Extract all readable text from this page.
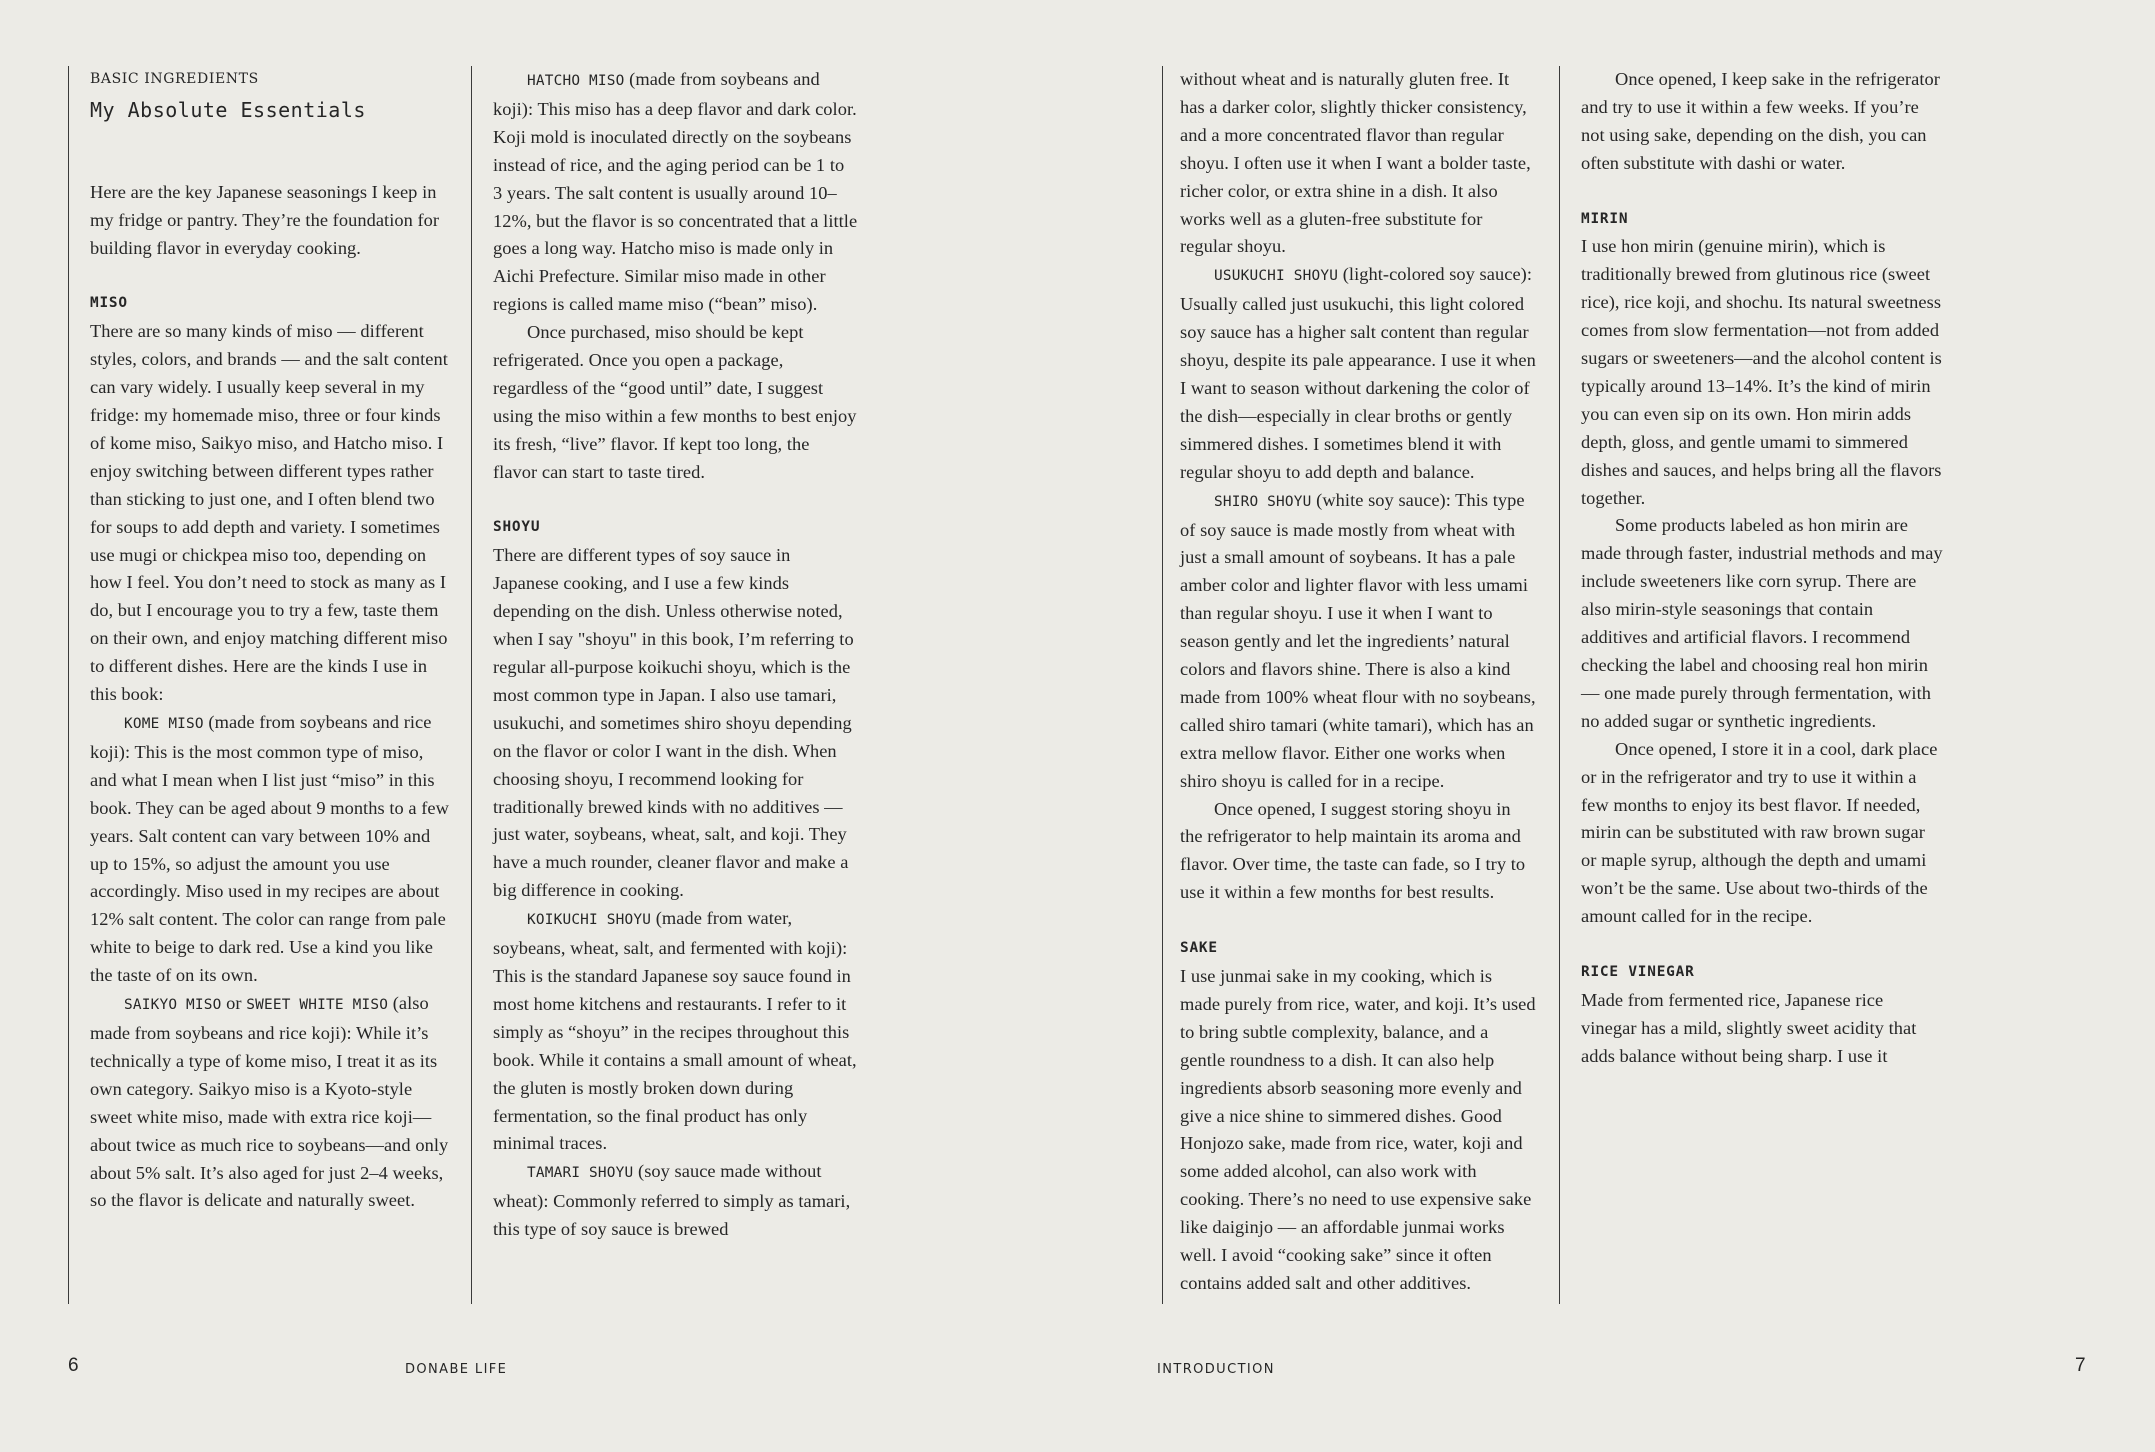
BASIC INGREDIENTS
My Absolute Essentials

Here are the key Japanese seasonings I keep in my fridge or pantry. They’re the foundation for building flavor in everyday cooking.

MISO

There are so many kinds of miso — different styles, colors, and brands — and the salt content can vary widely. I usually keep several in my fridge: my homemade miso, three or four kinds of kome miso, Saikyo miso, and Hatcho miso. I enjoy switching between different types rather than sticking to just one, and I often blend two for soups to add depth and variety. I sometimes use mugi or chickpea miso too, depending on how I feel. You don’t need to stock as many as I do, but I encourage you to try a few, taste them on their own, and enjoy matching different miso to different dishes. Here are the kinds I use in this book:

KOME MISO (made from soybeans and rice koji): This is the most common type of miso, and what I mean when I list just “miso” in this book. They can be aged about 9 months to a few years. Salt content can vary between 10% and up to 15%, so adjust the amount you use accordingly. Miso used in my recipes are about 12% salt content. The color can range from pale white to beige to dark red. Use a kind you like the taste of on its own.

SAIKYO MISO or SWEET WHITE MISO (also made from soybeans and rice koji): While it’s technically a type of kome miso, I treat it as its own category. Saikyo miso is a Kyoto-style sweet white miso, made with extra rice koji—about twice as much rice to soybeans—and only about 5% salt. It’s also aged for just 2–4 weeks, so the flavor is delicate and naturally sweet.

HATCHO MISO (made from soybeans and koji): This miso has a deep flavor and dark color. Koji mold is inoculated directly on the soybeans instead of rice, and the aging period can be 1 to 3 years. The salt content is usually around 10–12%, but the flavor is so concentrated that a little goes a long way. Hatcho miso is made only in Aichi Prefecture. Similar miso made in other regions is called mame miso (“bean” miso).

Once purchased, miso should be kept refrigerated. Once you open a package, regardless of the “good until” date, I suggest using the miso within a few months to best enjoy its fresh, “live” flavor. If kept too long, the flavor can start to taste tired.

SHOYU

There are different types of soy sauce in Japanese cooking, and I use a few kinds depending on the dish. Unless otherwise noted, when I say "shoyu" in this book, I’m referring to regular all-purpose koikuchi shoyu, which is the most common type in Japan. I also use tamari, usukuchi, and sometimes shiro shoyu depending on the flavor or color I want in the dish. When choosing shoyu, I recommend looking for traditionally brewed kinds with no additives — just water, soybeans, wheat, salt, and koji. They have a much rounder, cleaner flavor and make a big difference in cooking.

KOIKUCHI SHOYU (made from water, soybeans, wheat, salt, and fermented with koji): This is the standard Japanese soy sauce found in most home kitchens and restaurants. I refer to it simply as “shoyu” in the recipes throughout this book. While it contains a small amount of wheat, the gluten is mostly broken down during fermentation, so the final product has only minimal traces.

TAMARI SHOYU (soy sauce made without wheat): Commonly referred to simply as tamari, this type of soy sauce is brewed

without wheat and is naturally gluten free. It has a darker color, slightly thicker consistency, and a more concentrated flavor than regular shoyu. I often use it when I want a bolder taste, richer color, or extra shine in a dish. It also works well as a gluten-free substitute for regular shoyu.

USUKUCHI SHOYU (light-colored soy sauce): Usually called just usukuchi, this light colored soy sauce has a higher salt content than regular shoyu, despite its pale appearance. I use it when I want to season without darkening the color of the dish—especially in clear broths or gently simmered dishes. I sometimes blend it with regular shoyu to add depth and balance.

SHIRO SHOYU (white soy sauce): This type of soy sauce is made mostly from wheat with just a small amount of soybeans. It has a pale amber color and lighter flavor with less umami than regular shoyu. I use it when I want to season gently and let the ingredients’ natural colors and flavors shine. There is also a kind made from 100% wheat flour with no soybeans, called shiro tamari (white tamari), which has an extra mellow flavor. Either one works when shiro shoyu is called for in a recipe.

Once opened, I suggest storing shoyu in the refrigerator to help maintain its aroma and flavor. Over time, the taste can fade, so I try to use it within a few months for best results.

SAKE

I use junmai sake in my cooking, which is made purely from rice, water, and koji. It’s used to bring subtle complexity, balance, and a gentle roundness to a dish. It can also help ingredients absorb seasoning more evenly and give a nice shine to simmered dishes. Good Honjozo sake, made from rice, water, koji and some added alcohol, can also work with cooking. There’s no need to use expensive sake like daiginjo — an affordable junmai works well. I avoid “cooking sake” since it often contains added salt and other additives.

Once opened, I keep sake in the refrigerator and try to use it within a few weeks. If you’re not using sake, depending on the dish, you can often substitute with dashi or water.

MIRIN

I use hon mirin (genuine mirin), which is traditionally brewed from glutinous rice (sweet rice), rice koji, and shochu. Its natural sweetness comes from slow fermentation—not from added sugars or sweeteners—and the alcohol content is typically around 13–14%. It’s the kind of mirin you can even sip on its own. Hon mirin adds depth, gloss, and gentle umami to simmered dishes and sauces, and helps bring all the flavors together.

Some products labeled as hon mirin are made through faster, industrial methods and may include sweeteners like corn syrup. There are also mirin-style seasonings that contain additives and artificial flavors. I recommend checking the label and choosing real hon mirin — one made purely through fermentation, with no added sugar or synthetic ingredients.

Once opened, I store it in a cool, dark place or in the refrigerator and try to use it within a few months to enjoy its best flavor. If needed, mirin can be substituted with raw brown sugar or maple syrup, although the depth and umami won’t be the same. Use about two-thirds of the amount called for in the recipe.

RICE VINEGAR

Made from fermented rice, Japanese rice vinegar has a mild, slightly sweet acidity that adds balance without being sharp. I use it

6	DONABE LIFE	INTRODUCTION	7
